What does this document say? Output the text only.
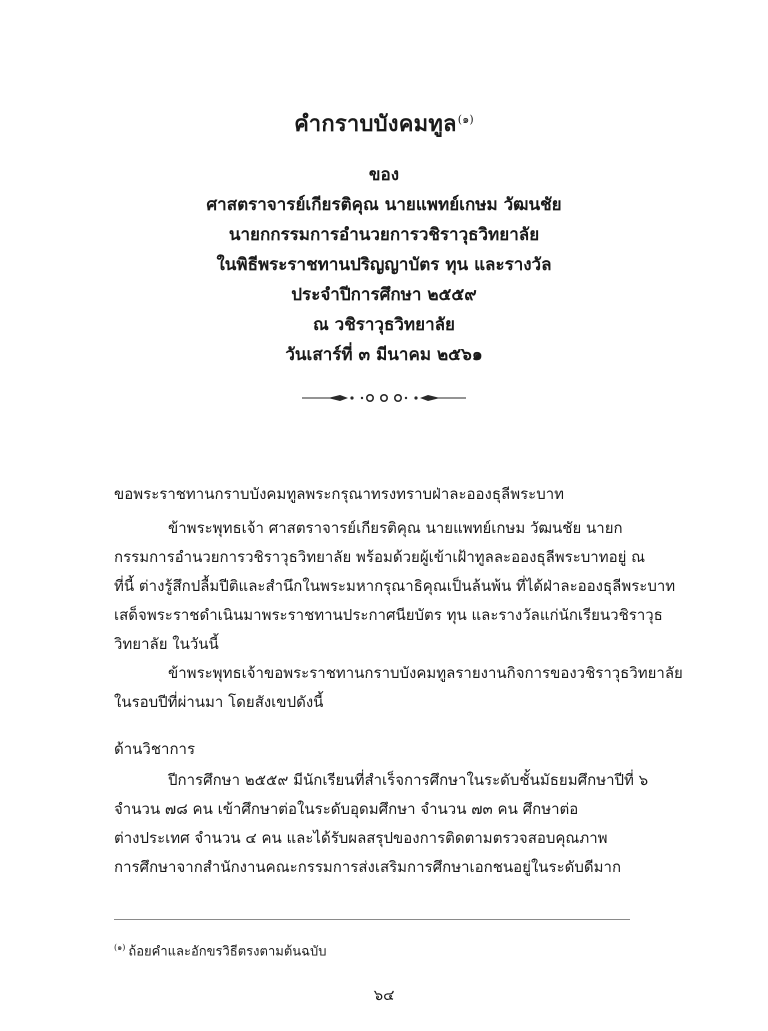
คำกราบบังคมทูล$^{(๑)}$
ของ
ศาสตราจารย์เกียรติคุณ นายแพทย์เกษม วัฒนชัย
นายกกรรมการอำนวยการวชิราวุธวิทยาลัย
ในพิธีพระราชทานปริญญาบัตร ทุน และรางวัล
ประจำปีการศึกษา ๒๕๕๙
ณ วชิราวุธวิทยาลัย
วันเสาร์ที่ ๓ มีนาคม ๒๕๖๑

ขอพระราชทานกราบบังคมทูลพระกรุณาทรงทราบฝ่าละอองธุลีพระบาท

ข้าพระพุทธเจ้า ศาสตราจารย์เกียรติคุณ นายแพทย์เกษม วัฒนชัย นายก
กรรมการอำนวยการวชิราวุธวิทยาลัย พร้อมด้วยผู้เข้าเฝ้าทูลละอองธุลีพระบาทอยู่ ณ
ที่นี้ ต่างรู้สึกปลื้มปีติและสำนึกในพระมหากรุณาธิคุณเป็นล้นพ้น ที่ได้ฝ่าละอองธุลีพระบาท
เสด็จพระราชดำเนินมาพระราชทานประกาศนียบัตร ทุน และรางวัลแก่นักเรียนวชิราวุธ
วิทยาลัย ในวันนี้

ข้าพระพุทธเจ้าขอพระราชทานกราบบังคมทูลรายงานกิจการของวชิราวุธวิทยาลัย
ในรอบปีที่ผ่านมา โดยสังเขปดังนี้

ด้านวิชาการ

ปีการศึกษา ๒๕๕๙ มีนักเรียนที่สำเร็จการศึกษาในระดับชั้นมัธยมศึกษาปีที่ ๖
จำนวน ๗๘ คน เข้าศึกษาต่อในระดับอุดมศึกษา จำนวน ๗๓ คน ศึกษาต่อ
ต่างประเทศ จำนวน ๔ คน และได้รับผลสรุปของการติดตามตรวจสอบคุณภาพ
การศึกษาจากสำนักงานคณะกรรมการส่งเสริมการศึกษาเอกชนอยู่ในระดับดีมาก

$^{(๑)}$ ถ้อยคำและอักขรวิธีตรงตามต้นฉบับ
๖๔
